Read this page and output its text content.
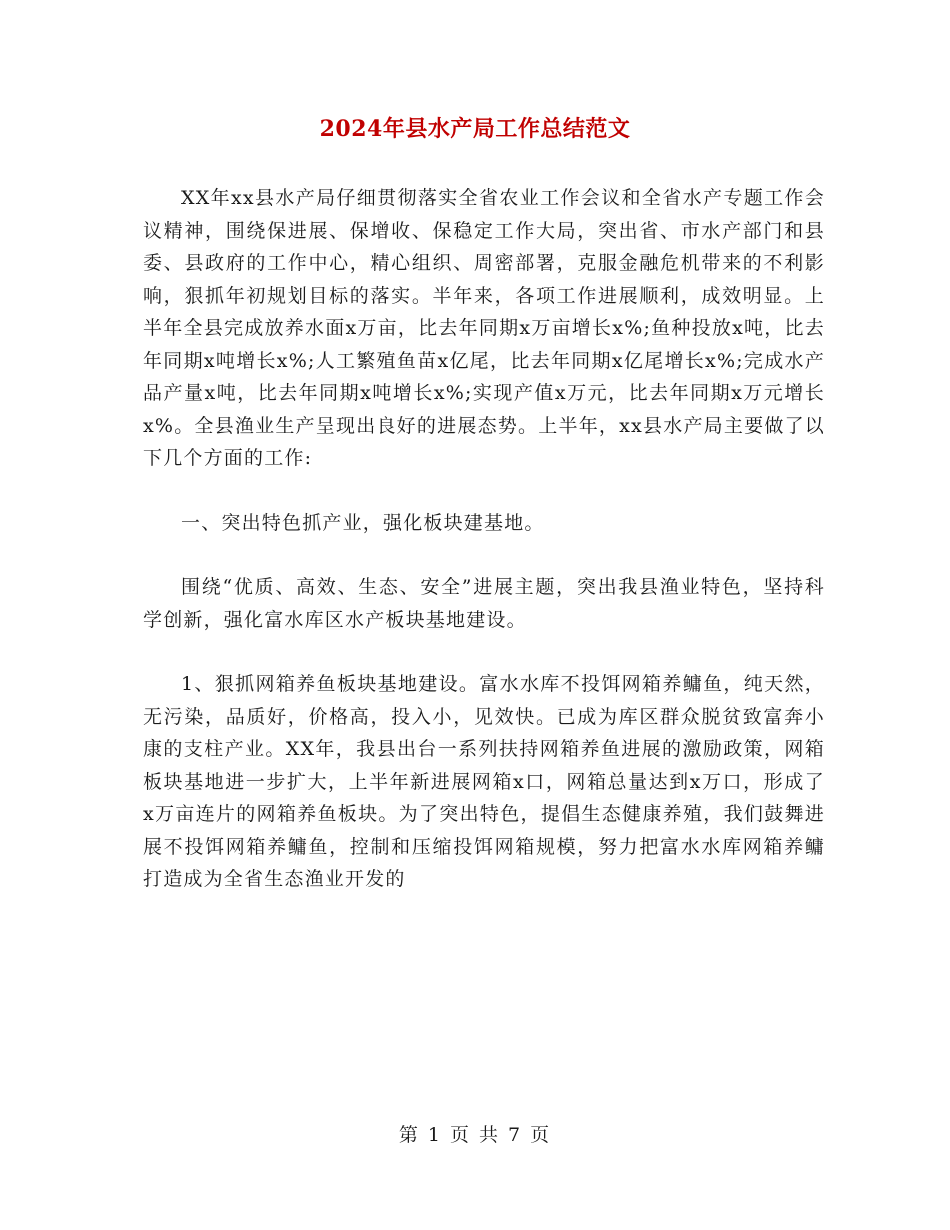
2024年县水产局工作总结范文

XX年xx县水产局仔细贯彻落实全省农业工作会议和全省水产专题工作会议精神，围绕保进展、保增收、保稳定工作大局，突出省、市水产部门和县委、县政府的工作中心，精心组织、周密部署，克服金融危机带来的不利影响，狠抓年初规划目标的落实。半年来，各项工作进展顺利，成效明显。上半年全县完成放养水面x万亩，比去年同期x万亩增长x%;鱼种投放x吨，比去年同期x吨增长x%;人工繁殖鱼苗x亿尾，比去年同期x亿尾增长x%;完成水产品产量x吨，比去年同期x吨增长x%;实现产值x万元，比去年同期x万元增长x%。全县渔业生产呈现出良好的进展态势。上半年，xx县水产局主要做了以下几个方面的工作:

一、突出特色抓产业，强化板块建基地。

围绕“优质、高效、生态、安全”进展主题，突出我县渔业特色，坚持科学创新，强化富水库区水产板块基地建设。

1、狠抓网箱养鱼板块基地建设。富水水库不投饵网箱养鳙鱼，纯天然，无污染，品质好，价格高，投入小，见效快。已成为库区群众脱贫致富奔小康的支柱产业。XX年，我县出台一系列扶持网箱养鱼进展的激励政策，网箱板块基地进一步扩大，上半年新进展网箱x口，网箱总量达到x万口，形成了x万亩连片的网箱养鱼板块。为了突出特色，提倡生态健康养殖，我们鼓舞进展不投饵网箱养鳙鱼，控制和压缩投饵网箱规模，努力把富水水库网箱养鳙打造成为全省生态渔业开发的

第 1 页 共 7 页
